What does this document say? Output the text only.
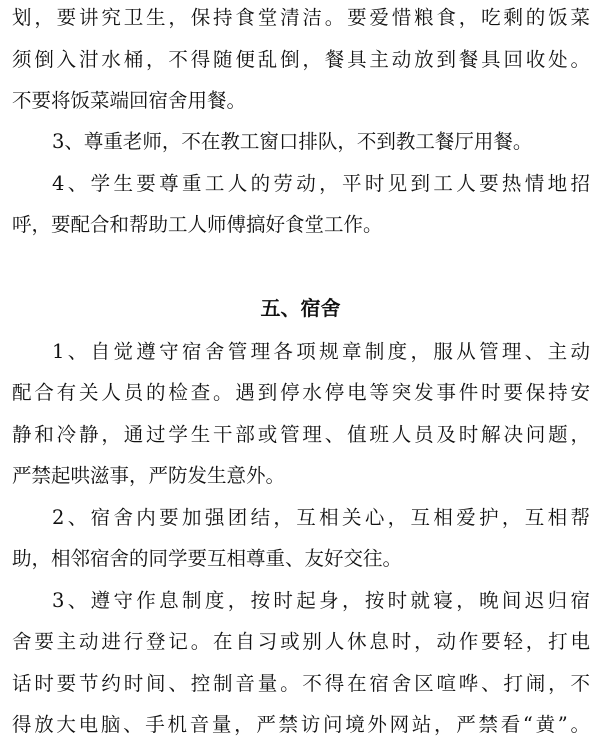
划，要讲究卫生，保持食堂清洁。要爱惜粮食，吃剩的饭菜
须倒入泔水桶，不得随便乱倒，餐具主动放到餐具回收处。
不要将饭菜端回宿舍用餐。
3、尊重老师，不在教工窗口排队，不到教工餐厅用餐。
4、学生要尊重工人的劳动，平时见到工人要热情地招
呼，要配合和帮助工人师傅搞好食堂工作。
五、宿舍
1、自觉遵守宿舍管理各项规章制度，服从管理、主动
配合有关人员的检查。遇到停水停电等突发事件时要保持安
静和冷静，通过学生干部或管理、值班人员及时解决问题，
严禁起哄滋事，严防发生意外。
2、宿舍内要加强团结，互相关心，互相爱护，互相帮
助，相邻宿舍的同学要互相尊重、友好交往。
3、遵守作息制度，按时起身，按时就寝，晚间迟归宿
舍要主动进行登记。在自习或别人休息时，动作要轻，打电
话时要节约时间、控制音量。不得在宿舍区喧哗、打闹，不
得放大电脑、手机音量，严禁访问境外网站，严禁看“黄”。
